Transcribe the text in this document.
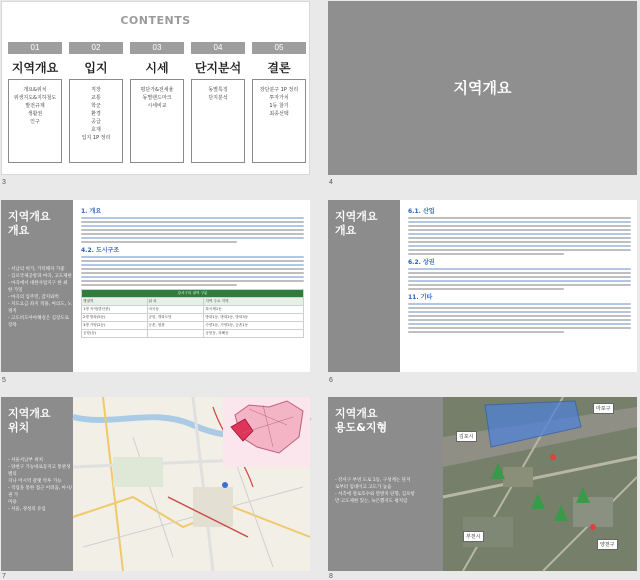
CONTENTS
01
지역개요
개요&위치
위생지도&지하철도
발전규제
생활권
인구
02
입지
직장
교통
학군
환경
공급
호재
입지 1P 정리
03
시세
평단가&전세율
동별랜드마크
시세비교
04
단지분석
동별특징
단지분석
05
결론
장단분구 1P 정리
투자가치
1등 찰기
최종선택
3
지역개요
4
지역개요
개요
- 서남의 허가, 가덕해자 가좋
- 김포국제공항과 마곡, 고도제한
- 마곡에서 대한사업지구 한 최 한 가잎
- 마곡의 입주민, 감지와벅
- 지도요금 좌지 적용, 여의도, 노정지
- 고도비도아아해실은 김장도로 장목
1. 개요
4.2. 도시구조
강서구의 권역 구분		
생권역	위 치	지역 주요 지역
1생 지역(발산촌)	마곡동	화곡제1동
2생 방화(5동)	공항, 개화도당	방화1동, 방화2동, 방화3동
3생 가양(2동)	등촌, 염창	가양1동, 가양2동, 등촌1동
공항(동)		공항동, 과해동
5
지역개요
개요
6.1. 산업
6.2. 상권
11. 기타
6
지역개요
위치
- 서울서남부 위치
- 양천구 가능바로동지고 통관성 별의
지나 어시역 갈랫 악투 가능
- 직업을 통한 접근 어려움, 아시/권 가
미용
- 서울, 경성의 유입
7
지역개요
용도&지형
- 강서구 부엉 도로 1동, 구성계는 단지
로부터 임대이고 고도가 높음
- 서측에 철로호수와 만방지 단향, 김포항
만 고도제한 있는, 녹은했지도 평지임
김포시
마포구
부천시
양천구
8
